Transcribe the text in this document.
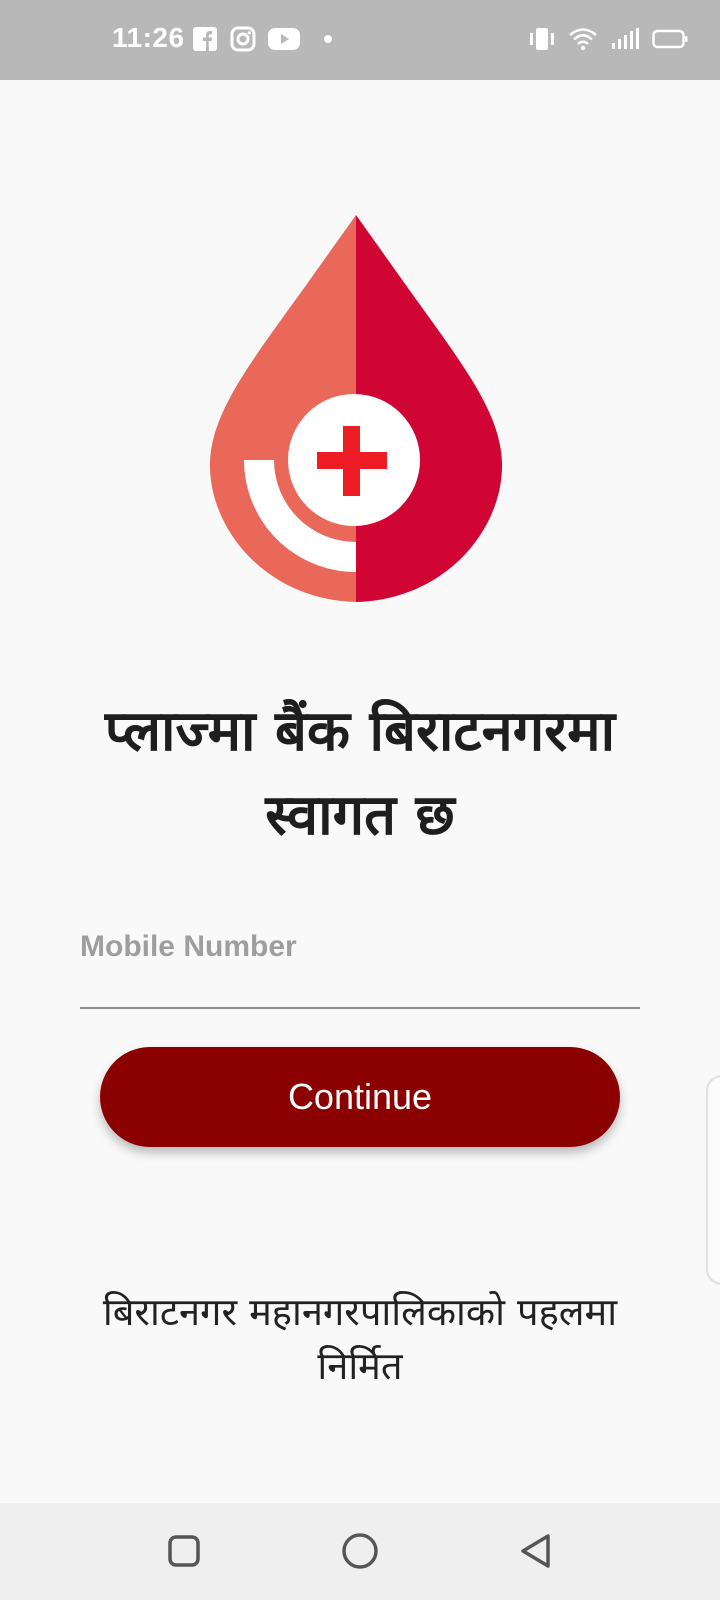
11:26
प्लाज्मा बैंक बिराटनगरमा
स्वागत छ
Mobile Number
Continue
बिराटनगर महानगरपालिकाको पहलमा
निर्मित
